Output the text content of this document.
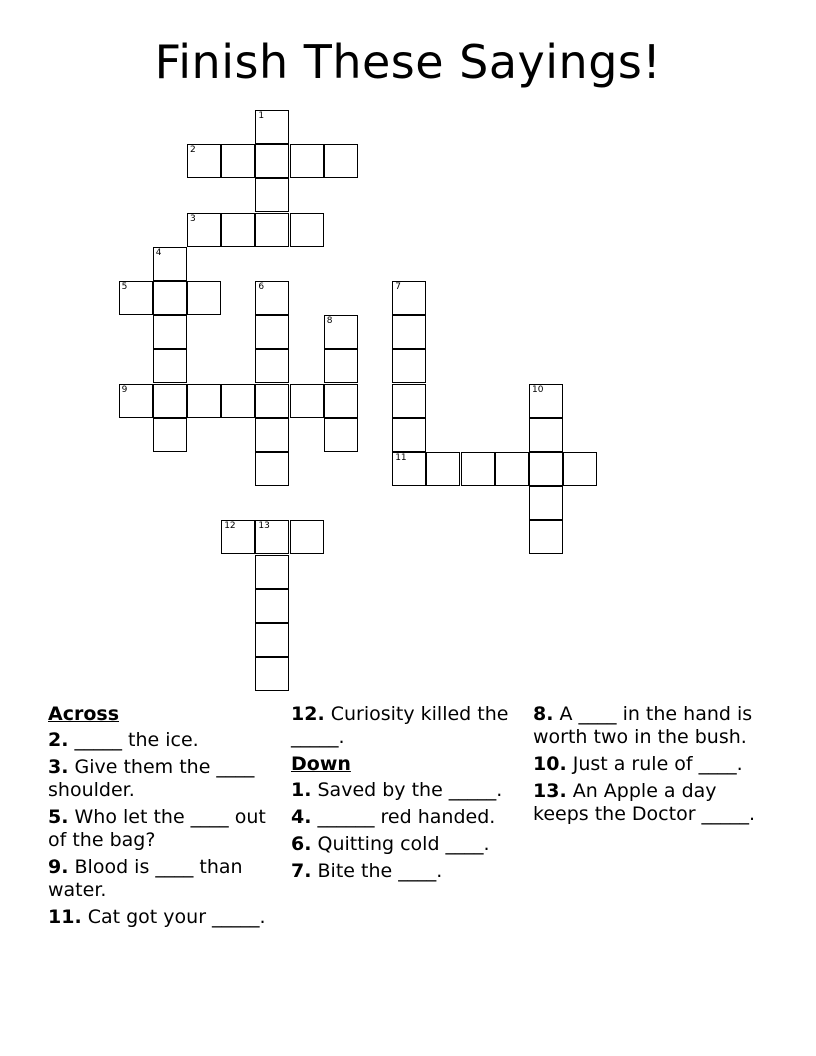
Finish These Sayings!
1
2
3
4
5	6	7
8
9	10
11
12	13
Across
2. _____ the ice.
3. Give them the ____ shoulder.
5. Who let the ____ out of the bag?
9. Blood is ____ than water.
11. Cat got your _____.
12. Curiosity killed the _____.
Down
1. Saved by the _____.
4. ______ red handed.
6. Quitting cold ____.
7. Bite the ____.
8. A ____ in the hand is worth two in the bush.
10. Just a rule of ____.
13. An Apple a day keeps the Doctor _____.
